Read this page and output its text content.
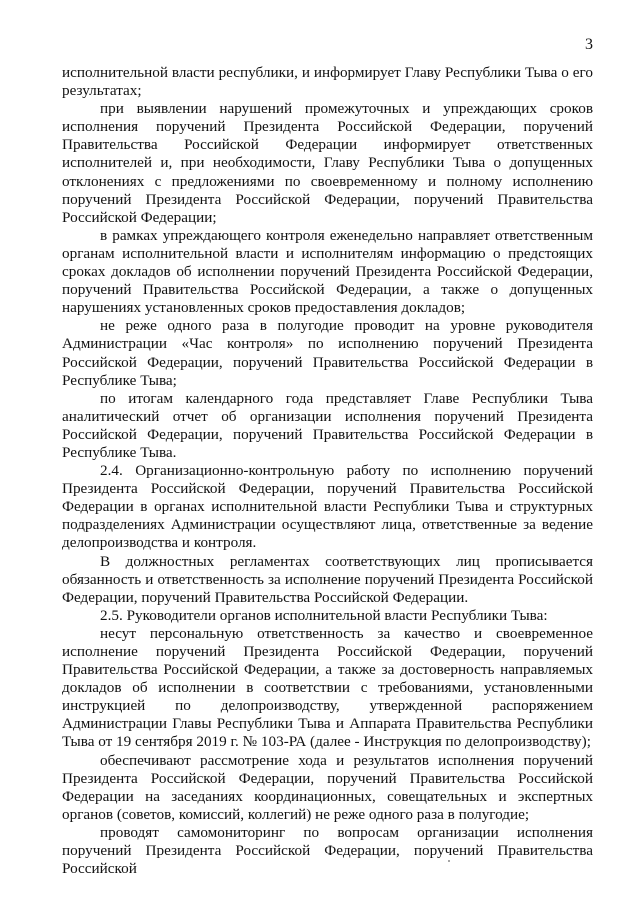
3

исполнительной власти республики, и информирует Главу Республики Тыва о его результатах;

при выявлении нарушений промежуточных и упреждающих сроков исполнения поручений Президента Российской Федерации, поручений Правительства Российской Федерации информирует ответственных исполнителей и, при необходимости, Главу Республики Тыва о допущенных отклонениях с предложениями по своевременному и полному исполнению поручений Президента Российской Федерации, поручений Правительства Российской Федерации;

в рамках упреждающего контроля еженедельно направляет ответственным органам исполнительной власти и исполнителям информацию о предстоящих сроках докладов об исполнении поручений Президента Российской Федерации, поручений Правительства Российской Федерации, а также о допущенных нарушениях установленных сроков предоставления докладов;

не реже одного раза в полугодие проводит на уровне руководителя Администрации «Час контроля» по исполнению поручений Президента Российской Федерации, поручений Правительства Российской Федерации в Республике Тыва;

по итогам календарного года представляет Главе Республики Тыва аналитический отчет об организации исполнения поручений Президента Российской Федерации, поручений Правительства Российской Федерации в Республике Тыва.

2.4. Организационно-контрольную работу по исполнению поручений Президента Российской Федерации, поручений Правительства Российской Федерации в органах исполнительной власти Республики Тыва и структурных подразделениях Администрации осуществляют лица, ответственные за ведение делопроизводства и контроля.

В должностных регламентах соответствующих лиц прописывается обязанность и ответственность за исполнение поручений Президента Российской Федерации, поручений Правительства Российской Федерации.

2.5. Руководители органов исполнительной власти Республики Тыва:

несут персональную ответственность за качество и своевременное исполнение поручений Президента Российской Федерации, поручений Правительства Российской Федерации, а также за достоверность направляемых докладов об исполнении в соответствии с требованиями, установленными инструкцией по делопроизводству, утвержденной распоряжением Администрации Главы Республики Тыва и Аппарата Правительства Республики Тыва от 19 сентября 2019 г. № 103-РА (далее - Инструкция по делопроизводству);

обеспечивают рассмотрение хода и результатов исполнения поручений Президента Российской Федерации, поручений Правительства Российской Федерации на заседаниях координационных, совещательных и экспертных органов (советов, комиссий, коллегий) не реже одного раза в полугодие;

проводят самомониторинг по вопросам организации исполнения поручений Президента Российской Федерации, поручений Правительства Российской
